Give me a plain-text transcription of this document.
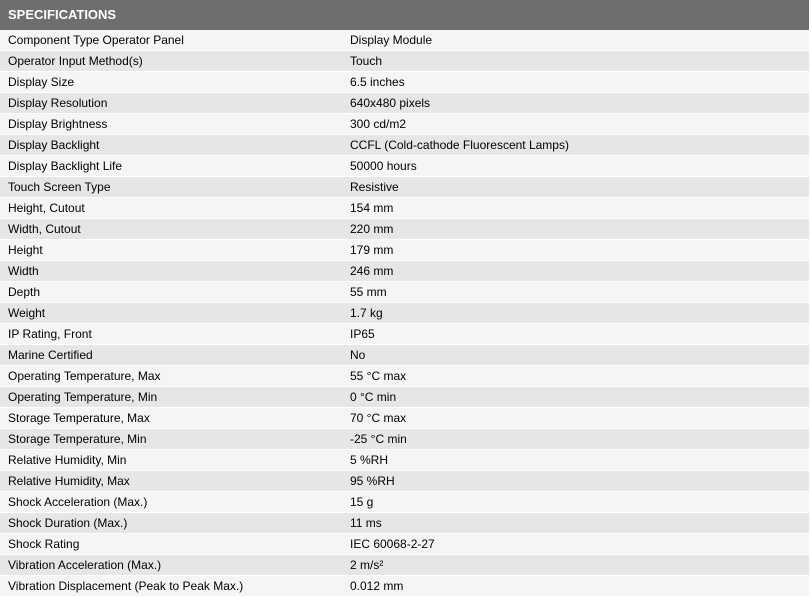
SPECIFICATIONS
Component Type Operator Panel	Display Module
Operator Input Method(s)	Touch
Display Size	6.5 inches
Display Resolution	640x480 pixels
Display Brightness	300 cd/m2
Display Backlight	CCFL (Cold-cathode Fluorescent Lamps)
Display Backlight Life	50000 hours
Touch Screen Type	Resistive
Height, Cutout	154 mm
Width, Cutout	220 mm
Height	179 mm
Width	246 mm
Depth	55 mm
Weight	1.7 kg
IP Rating, Front	IP65
Marine Certified	No
Operating Temperature, Max	55 °C max
Operating Temperature, Min	0 °C min
Storage Temperature, Max	70 °C max
Storage Temperature, Min	-25 °C min
Relative Humidity, Min	5 %RH
Relative Humidity, Max	95 %RH
Shock Acceleration (Max.)	15 g
Shock Duration (Max.)	11 ms
Shock Rating	IEC 60068-2-27
Vibration Acceleration (Max.)	2 m/s²
Vibration Displacement (Peak to Peak Max.)	0.012 mm
